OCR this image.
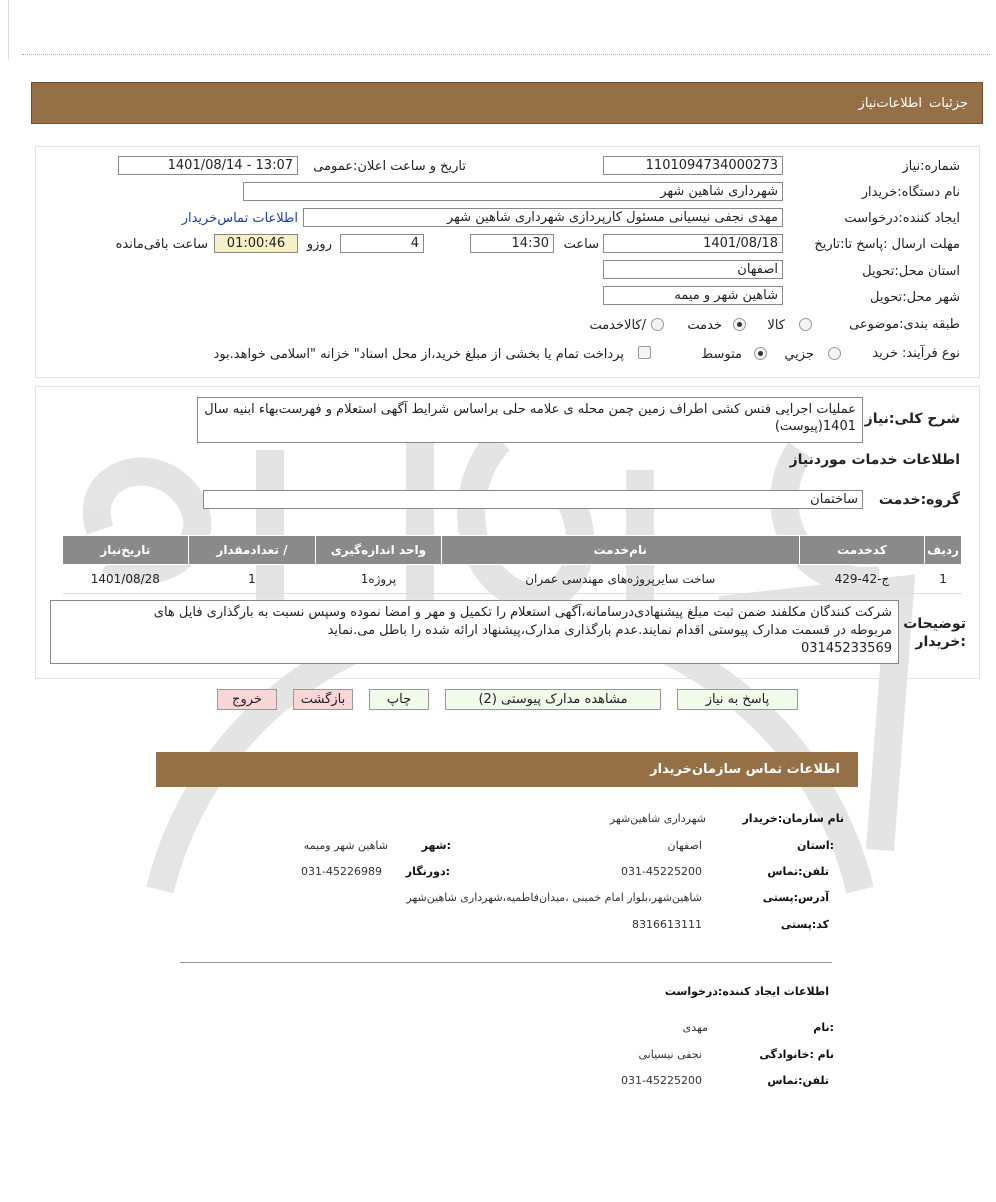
جزئیات
اطلاعات‌نیاز
شماره:نیاز
1101094734000273
تاریخ و ساعت اعلان:عمومی
1401/08/14 - 13:07
نام دستگاه:خریدار
شهرداری شاهین شهر
ایجاد کننده:درخواست
مهدی نجفی نیسیانی مسئول کارپردازی شهرداری شاهین شهر
اطلاعات تماس‌خریدار
مهلت ارسال :پاسخ تا:تاریخ
1401/08/18
ساعت
14:30
روزو	4
01:00:46
ساعت باقی‌مانده
استان محل:تحویل
اصفهان
شهر محل:تحویل
شاهین شهر و میمه
طبقه بندی:موضوعی
کالا
خدمت
/کالاخدمت
نوع فرآیند:
خرید
جزيي
متوسط
پرداخت تمام یا بخشی از مبلغ خرید،از محل اسناد" خزانه "اسلامی خواهد.بود
شرح کلی:نیاز
عملیات اجرایی فنس کشی اطراف زمین چمن محله ی علامه حلی براساس شرایط آگهی استعلام و فهرست‌بهاء ابنیه سال 1401(پیوست)
اطلاعات خدمات موردنیاز
گروه:خدمت
ساختمان
ردیف	کدخدمت	نام‌خدمت	واحد اندازه‌گیری	/ تعدادمقدار	تاریخ‌نیاز
1	ج-42-429	ساخت سایرپروژه‌های مهندسی عمران	پروژه1	1	1401/08/28
توضیحات
:خریدار
شرکت کنندگان مکلفند ضمن ثبت مبلغ پیشنهادی‌درسامانه،آگهی استعلام را تکمیل و مهر و امضا نموده وسپس نسبت به بارگذاری فایل های
مربوطه در قسمت مدارک پیوستی اقدام نمایند.عدم بارگذاری مدارک،پیشنهاد ارائه شده را باطل می.نماید
03145233569
پاسخ به نیاز
مشاهده مدارک پیوستی (2)
چاپ
بازگشت
خروج
اطلاعات تماس سازمان‌خریدار
نام سازمان:خریدار
شهرداری شاهین‌شهر
:استان
اصفهان
:شهر
شاهین شهر ومیمه
تلفن:تماس
031-45225200
:دورنگار
031-45226989
آدرس:پستی
شاهین‌شهر،بلوار امام خمینی ،میدان‌فاطمیه،شهرداری شاهین‌شهر
کد:پستی
8316613111
اطلاعات ایجاد کننده:درخواست
:نام
مهدی
نام :خانوادگی
نجفی نیسیانی
تلفن:تماس
031-45225200
